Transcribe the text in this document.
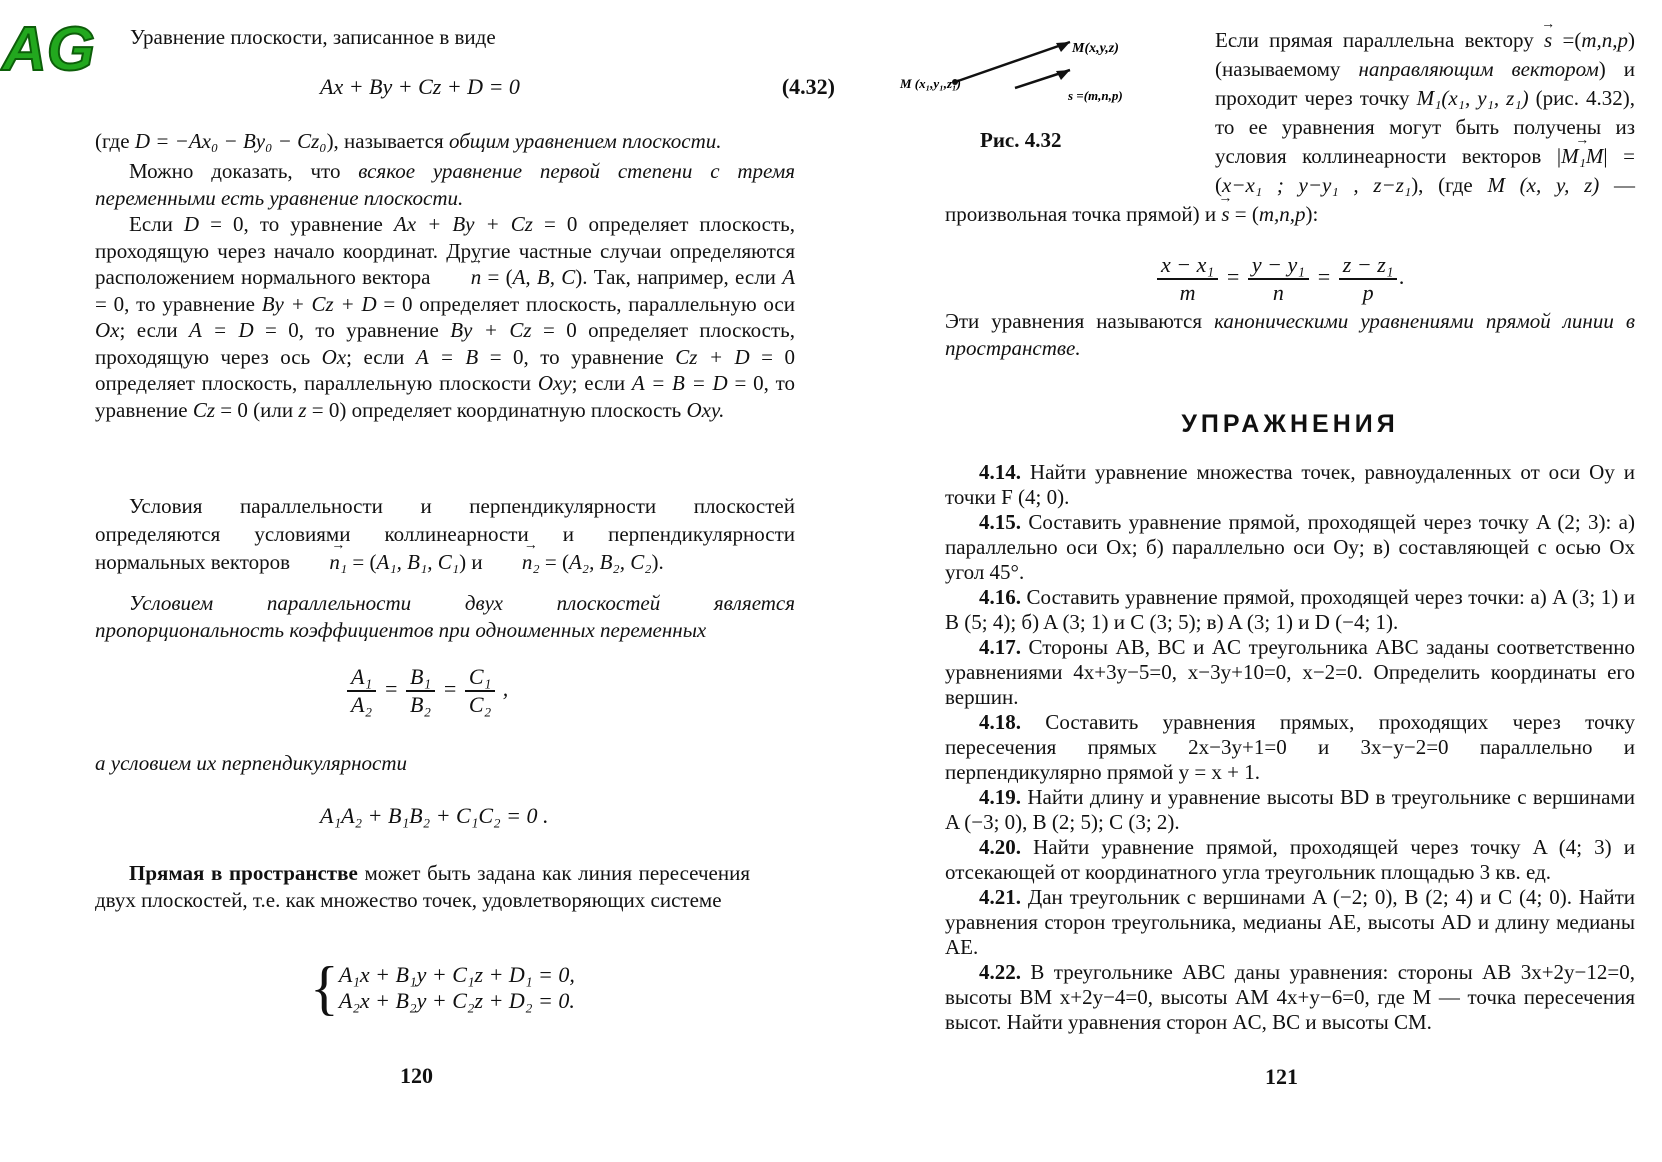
AG Уравнение плоскости, записанное в виде

Ax + By + Cz + D = 0	(4.32)

(где D = −Ax₀ − By₀ − Cz₀), называется общим уравнением плоскости.

Можно доказать, что всякое уравнение первой степени с тремя переменными есть уравнение плоскости.

Если D = 0, то уравнение Ax + By + Cz = 0 определяет плоскость, проходящую через начало координат. Другие частные случаи определяются расположением нормального вектора → n = (A, B, C). Так, например, если A = 0, то уравнение By + Cz + D = 0 определяет плоскость, параллельную оси Ox; если A = D = 0, то уравнение By + Cz = 0 определяет плоскость, проходящую через ось Ox; если A = B = 0, то уравнение Cz + D = 0 определяет плоскость, параллельную плоскости Oxy; если A = B = D = 0, то уравнение Cz = 0 (или z = 0) определяет координатную плоскость Oxy.

Условия параллельности и перпендикулярности плоскостей определяются условиями коллинеарности и перпендикулярности нормальных векторов → n₁ = (A₁, B₁, C₁) и → n₂ = (A₂, B₂, C₂).

Условием параллельности двух плоскостей является пропорциональность коэффициентов при одноименных переменных

$\frac{\text{A₁}}{\text{A₂}} = \frac{\text{B₁}}{\text{B₂}} = \frac{\text{C₁}}{\text{C₂}}$ ,

а условием их перпендикулярности

A₁A₂ + B₁B₂ + C₁C₂ = 0 .

Прямая в пространстве может быть задана как линия пересечения двух плоскостей, т.е. как множество точек, удовлетворяющих системе

{ A₁x + B₁y + C₁z + D₁ = 0,
A₂x + B₂y + C₂z + D₂ = 0.
120
M(x,y,z)
M (x₁,y₁,z₁)
s =(m,n,p)
Рис. 4.32

Если прямая параллельна вектору → s =(m,n,p) (называемому направляющим вектором) и проходит через точку M₁(x₁, y₁, z₁) (рис. 4.32), то ее уравнения могут быть получены из условия коллинеарности векторов |→ M₁M| = (x−x₁ ; y−y₁ , z−z₁), (где M (x, y, z) — произвольная точка прямой) и → s = (m,n,p):

$\frac{\text{x − x₁}}{m} = \frac{\text{y − y₁}}{n} = \frac{\text{z − z₁}}{p}$ .

Эти уравнения называются каноническими уравнениями прямой линии в пространстве.

УПРАЖНЕНИЯ

4.14. Найти уравнение множества точек, равноудаленных от оси Oy и точки F (4; 0).

4.15. Составить уравнение прямой, проходящей через точку A (2; 3): а) параллельно оси Ox; б) параллельно оси Oy; в) составляющей с осью Ox угол 45°.

4.16. Составить уравнение прямой, проходящей через точки: а) A (3; 1) и B (5; 4); б) A (3; 1) и C (3; 5); в) A (3; 1) и D (−4; 1).

4.17. Стороны AB, BC и AC треугольника ABC заданы соответственно уравнениями 4x+3y−5=0, x−3y+10=0, x−2=0. Определить координаты его вершин.

4.18. Составить уравнения прямых, проходящих через точку пересечения прямых 2x−3y+1=0 и 3x−y−2=0 параллельно и перпендикулярно прямой y = x + 1.

4.19. Найти длину и уравнение высоты BD в треугольнике с вершинами A (−3; 0), B (2; 5); C (3; 2).

4.20. Найти уравнение прямой, проходящей через точку A (4; 3) и отсекающей от координатного угла треугольник площадью 3 кв. ед.

4.21. Дан треугольник с вершинами A (−2; 0), B (2; 4) и C (4; 0). Найти уравнения сторон треугольника, медианы AE, высоты AD и длину медианы AE.

4.22. В треугольнике ABC даны уравнения: стороны AB 3x+2y−12=0, высоты BM x+2y−4=0, высоты AM 4x+y−6=0, где M — точка пересечения высот. Найти уравнения сторон AC, BC и высоты CM.

121
